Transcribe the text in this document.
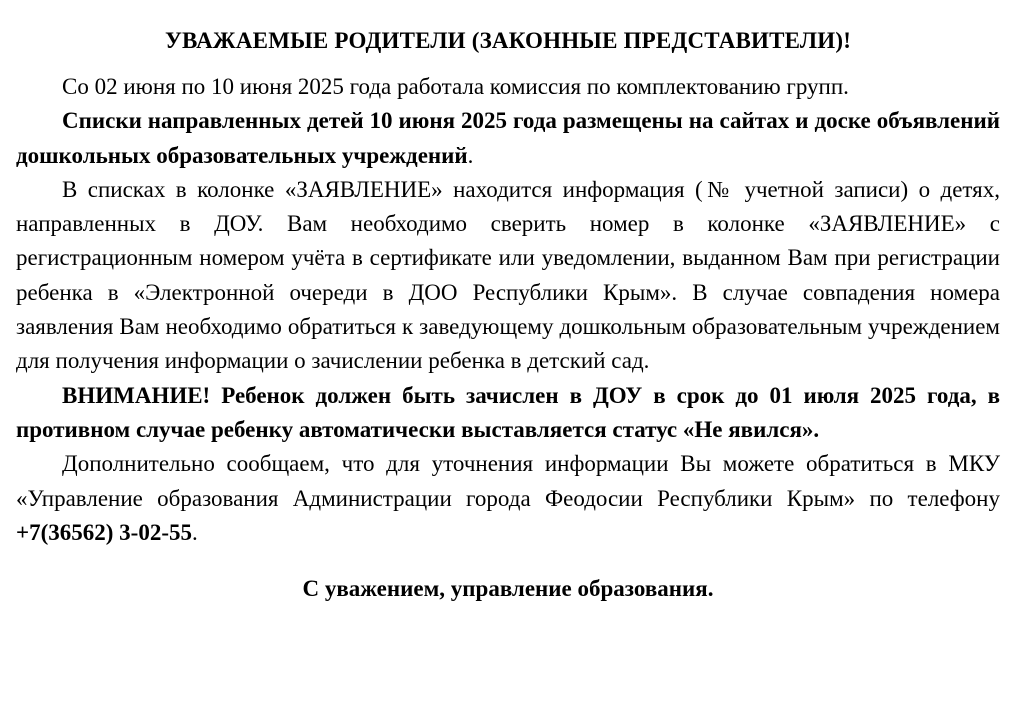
УВАЖАЕМЫЕ РОДИТЕЛИ (ЗАКОННЫЕ ПРЕДСТАВИТЕЛИ)!

Со 02 июня по 10 июня 2025 года работала комиссия по комплектованию групп.

Списки направленных детей 10 июня 2025 года размещены на сайтах и доске объявлений дошкольных образовательных учреждений.

В списках в колонке «ЗАЯВЛЕНИЕ» находится информация (№ учетной записи) о детях, направленных в ДОУ. Вам необходимо сверить номер в колонке «ЗАЯВЛЕНИЕ» с регистрационным номером учёта в сертификате или уведомлении, выданном Вам при регистрации ребенка в «Электронной очереди в ДОО Республики Крым». В случае совпадения номера заявления Вам необходимо обратиться к заведующему дошкольным образовательным учреждением для получения информации о зачислении ребенка в детский сад.

ВНИМАНИЕ! Ребенок должен быть зачислен в ДОУ в срок до 01 июля 2025 года, в противном случае ребенку автоматически выставляется статус «Не явился».

Дополнительно сообщаем, что для уточнения информации Вы можете обратиться в МКУ «Управление образования Администрации города Феодосии Республики Крым» по телефону +7(36562) 3-02-55.

С уважением, управление образования.
